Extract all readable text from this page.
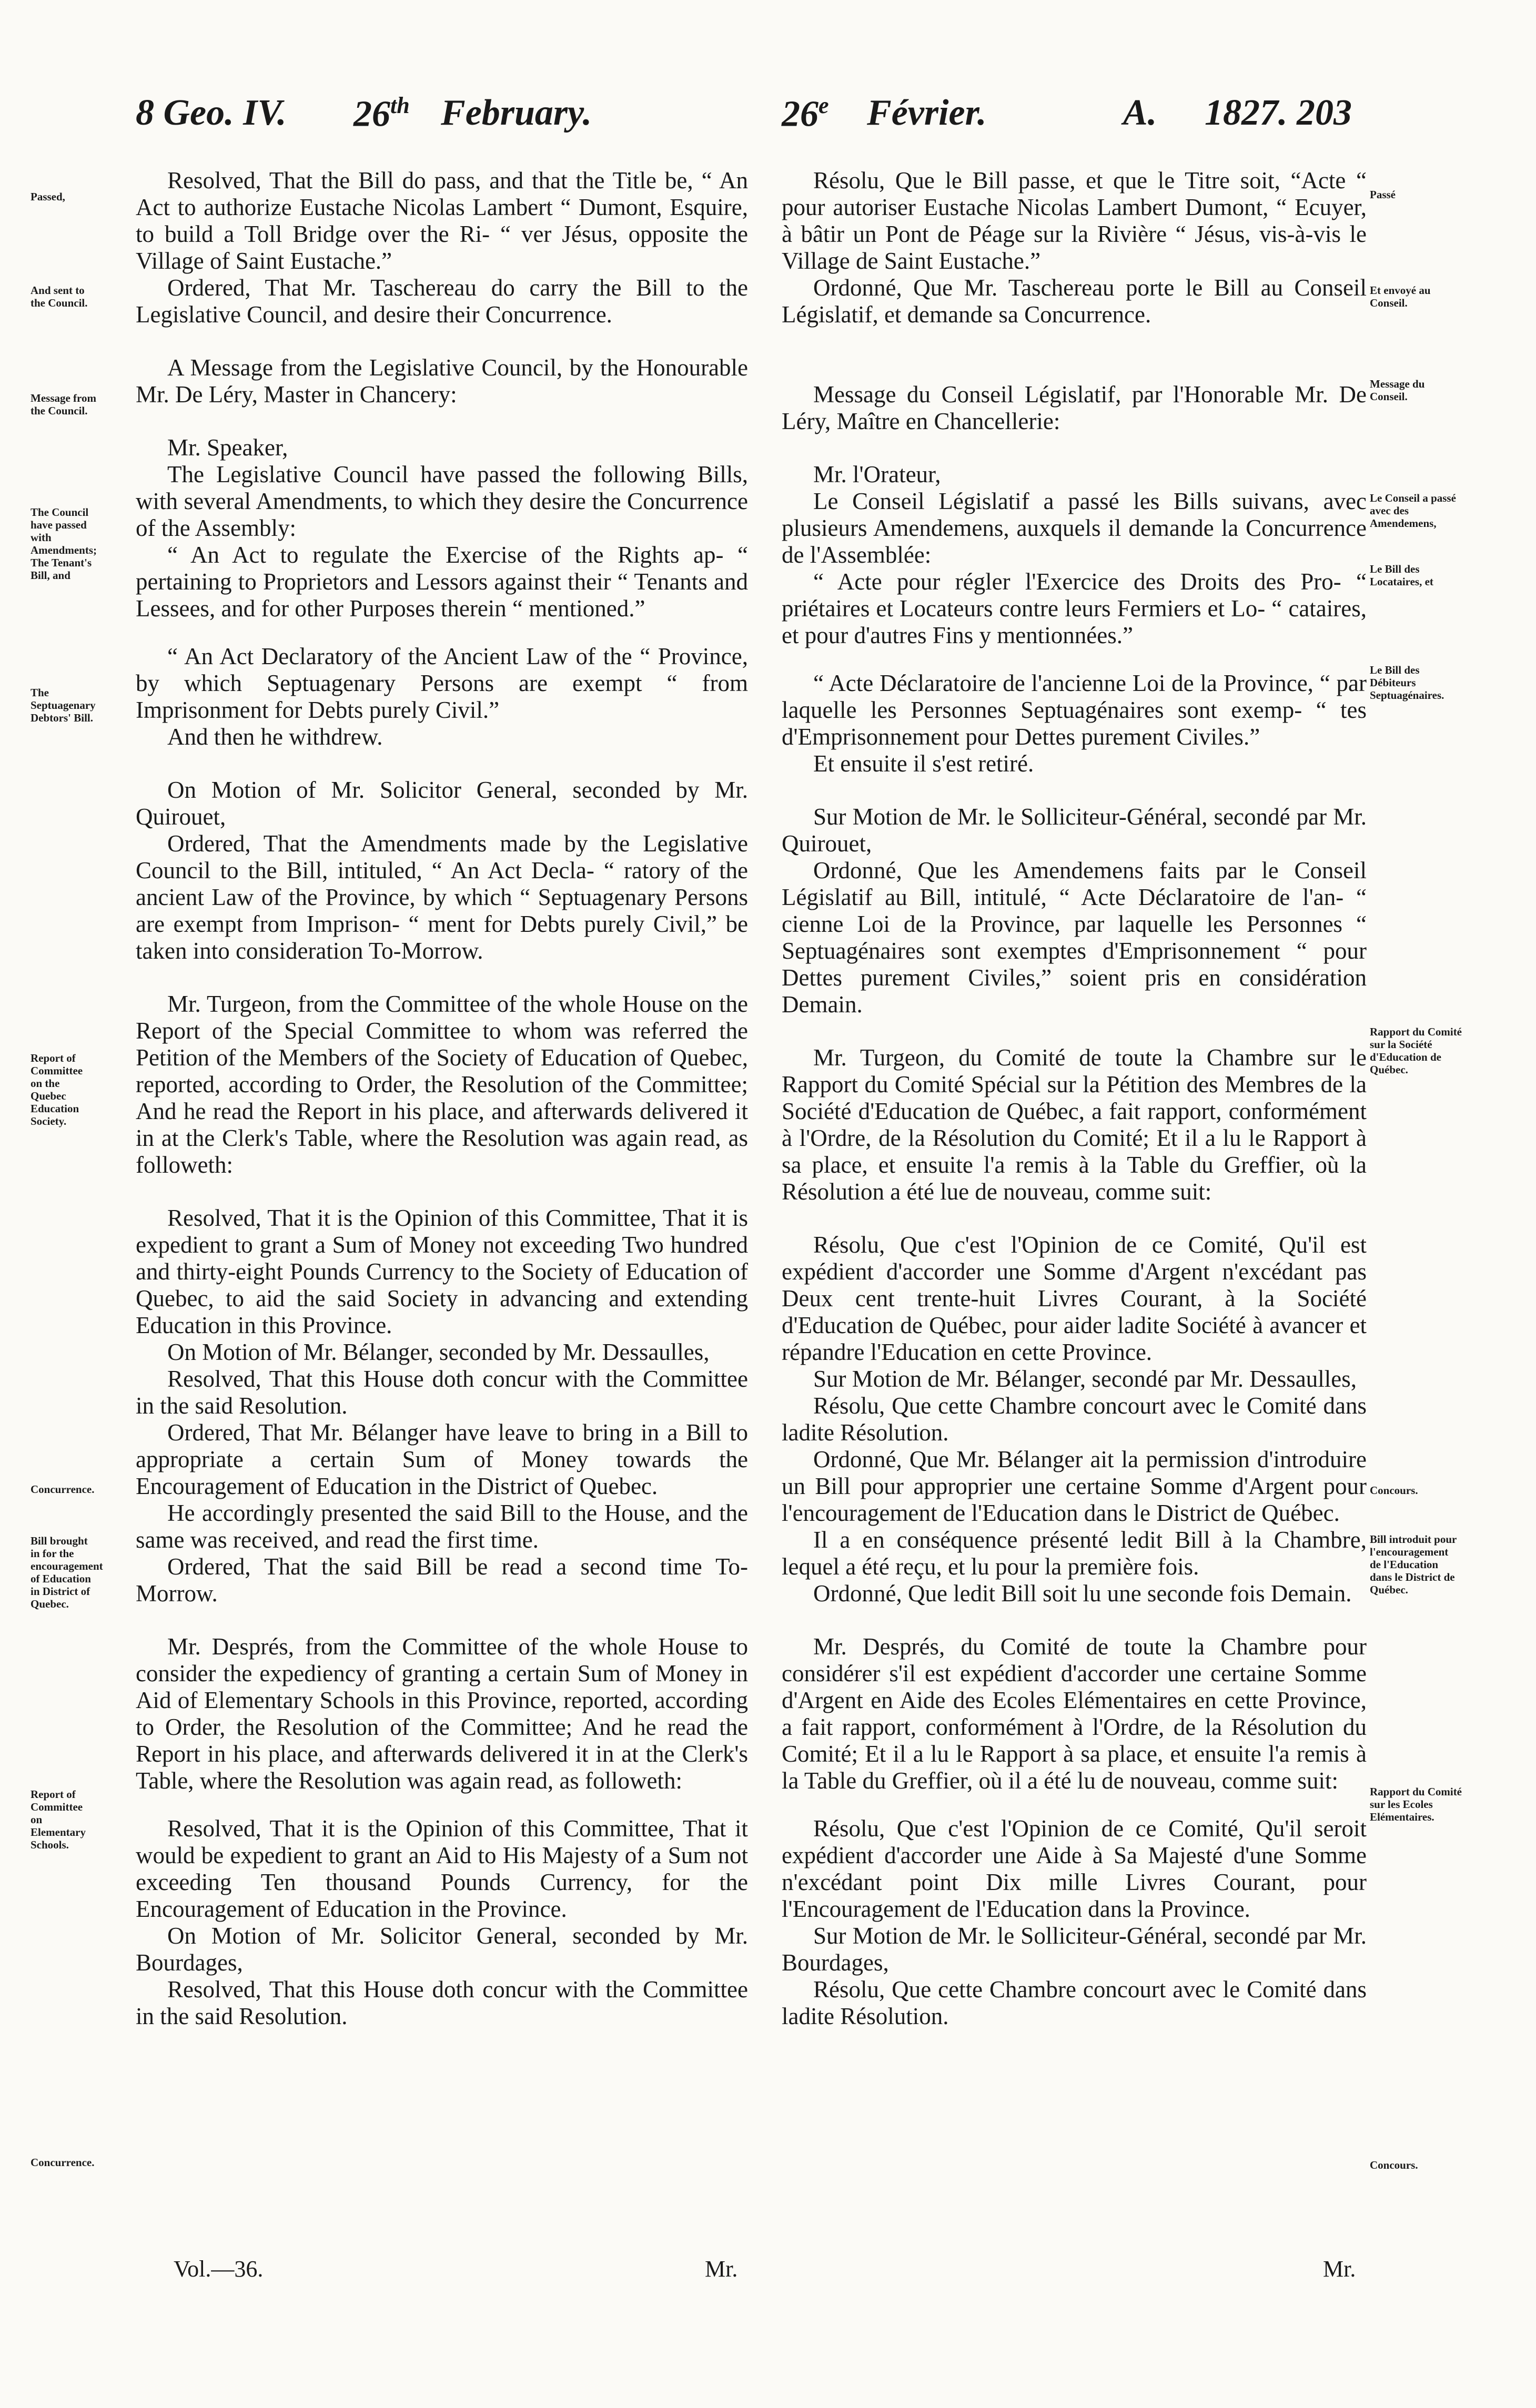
8 Geo. IV. 26th February.	26e Février.	A. 1827. 203

Resolved, That the Bill do pass, and that the Title be, “ An Act to authorize Eustache Nicolas Lambert “ Dumont, Esquire, to build a Toll Bridge over the Ri- “ ver Jésus, opposite the Village of Saint Eustache.”

Ordered, That Mr. Taschereau do carry the Bill to the Legislative Council, and desire their Concurrence.

A Message from the Legislative Council, by the Honourable Mr. De Léry, Master in Chancery:

Mr. Speaker,

The Legislative Council have passed the following Bills, with several Amendments, to which they desire the Concurrence of the Assembly:

“ An Act to regulate the Exercise of the Rights ap- “ pertaining to Proprietors and Lessors against their “ Tenants and Lessees, and for other Purposes therein “ mentioned.”

“ An Act Declaratory of the Ancient Law of the “ Province, by which Septuagenary Persons are exempt “ from Imprisonment for Debts purely Civil.”

And then he withdrew.

On Motion of Mr. Solicitor General, seconded by Mr. Quirouet,

Ordered, That the Amendments made by the Legislative Council to the Bill, intituled, “ An Act Decla- “ ratory of the ancient Law of the Province, by which “ Septuagenary Persons are exempt from Imprison- “ ment for Debts purely Civil,” be taken into consideration To-Morrow.

Mr. Turgeon, from the Committee of the whole House on the Report of the Special Committee to whom was referred the Petition of the Members of the Society of Education of Quebec, reported, according to Order, the Resolution of the Committee; And he read the Report in his place, and afterwards delivered it in at the Clerk's Table, where the Resolution was again read, as followeth:

Resolved, That it is the Opinion of this Committee, That it is expedient to grant a Sum of Money not exceeding Two hundred and thirty-eight Pounds Currency to the Society of Education of Quebec, to aid the said Society in advancing and extending Education in this Province.

On Motion of Mr. Bélanger, seconded by Mr. Dessaulles,

Resolved, That this House doth concur with the Committee in the said Resolution.

Ordered, That Mr. Bélanger have leave to bring in a Bill to appropriate a certain Sum of Money towards the Encouragement of Education in the District of Quebec.

He accordingly presented the said Bill to the House, and the same was received, and read the first time.

Ordered, That the said Bill be read a second time To-Morrow.

Mr. Després, from the Committee of the whole House to consider the expediency of granting a certain Sum of Money in Aid of Elementary Schools in this Province, reported, according to Order, the Resolution of the Committee; And he read the Report in his place, and afterwards delivered it in at the Clerk's Table, where the Resolution was again read, as followeth:

Resolved, That it is the Opinion of this Committee, That it would be expedient to grant an Aid to His Majesty of a Sum not exceeding Ten thousand Pounds Currency, for the Encouragement of Education in the Province.

On Motion of Mr. Solicitor General, seconded by Mr. Bourdages,

Resolved, That this House doth concur with the Committee in the said Resolution.

Résolu, Que le Bill passe, et que le Titre soit, “Acte “ pour autoriser Eustache Nicolas Lambert Dumont, “ Ecuyer, à bâtir un Pont de Péage sur la Rivière “ Jésus, vis-à-vis le Village de Saint Eustache.”

Ordonné, Que Mr. Taschereau porte le Bill au Conseil Législatif, et demande sa Concurrence.

Message du Conseil Législatif, par l'Honorable Mr. De Léry, Maître en Chancellerie:

Mr. l'Orateur,

Le Conseil Législatif a passé les Bills suivans, avec plusieurs Amendemens, auxquels il demande la Concurrence de l'Assemblée:

“ Acte pour régler l'Exercice des Droits des Pro- “ priétaires et Locateurs contre leurs Fermiers et Lo- “ cataires, et pour d'autres Fins y mentionnées.”

“ Acte Déclaratoire de l'ancienne Loi de la Province, “ par laquelle les Personnes Septuagénaires sont exemp- “ tes d'Emprisonnement pour Dettes purement Civiles.”

Et ensuite il s'est retiré.

Sur Motion de Mr. le Solliciteur-Général, secondé par Mr. Quirouet,

Ordonné, Que les Amendemens faits par le Conseil Législatif au Bill, intitulé, “ Acte Déclaratoire de l'an- “ cienne Loi de la Province, par laquelle les Personnes “ Septuagénaires sont exemptes d'Emprisonnement “ pour Dettes purement Civiles,” soient pris en considération Demain.

Mr. Turgeon, du Comité de toute la Chambre sur le Rapport du Comité Spécial sur la Pétition des Membres de la Société d'Education de Québec, a fait rapport, conformément à l'Ordre, de la Résolution du Comité; Et il a lu le Rapport à sa place, et ensuite l'a remis à la Table du Greffier, où la Résolution a été lue de nouveau, comme suit:

Résolu, Que c'est l'Opinion de ce Comité, Qu'il est expédient d'accorder une Somme d'Argent n'excédant pas Deux cent trente-huit Livres Courant, à la Société d'Education de Québec, pour aider ladite Société à avancer et répandre l'Education en cette Province.

Sur Motion de Mr. Bélanger, secondé par Mr. Dessaulles,

Résolu, Que cette Chambre concourt avec le Comité dans ladite Résolution.

Ordonné, Que Mr. Bélanger ait la permission d'introduire un Bill pour approprier une certaine Somme d'Argent pour l'encouragement de l'Education dans le District de Québec.

Il a en conséquence présenté ledit Bill à la Chambre, lequel a été reçu, et lu pour la première fois.

Ordonné, Que ledit Bill soit lu une seconde fois Demain.

Mr. Després, du Comité de toute la Chambre pour considérer s'il est expédient d'accorder une certaine Somme d'Argent en Aide des Ecoles Elémentaires en cette Province, a fait rapport, conformément à l'Ordre, de la Résolution du Comité; Et il a lu le Rapport à sa place, et ensuite l'a remis à la Table du Greffier, où il a été lu de nouveau, comme suit:

Résolu, Que c'est l'Opinion de ce Comité, Qu'il seroit expédient d'accorder une Aide à Sa Majesté d'une Somme n'excédant point Dix mille Livres Courant, pour l'Encouragement de l'Education dans la Province.

Sur Motion de Mr. le Solliciteur-Général, secondé par Mr. Bourdages,

Résolu, Que cette Chambre concourt avec le Comité dans ladite Résolution.

Passed,
And sent to the Council.
Message from the Council.
The Council have passed with Amendments; The Tenant's Bill, and
The Septuagenary Debtors' Bill.
Report of Committee on the Quebec Education Society.
Concurrence.
Bill brought in for the encouragement of Education in District of Quebec.
Report of Committee on Elementary Schools.
Concurrence.
Passé
Et envoyé au Conseil.
Message du Conseil.
Le Conseil a passé avec des Amendemens,
Le Bill des Locataires, et
Le Bill des Débiteurs Septuagénaires.
Rapport du Comité sur la Société d'Education de Québec.
Concours.
Bill introduit pour l'encouragement de l'Education dans le District de Québec.
Rapport du Comité sur les Ecoles Elémentaires.
Concours.
Vol.—36.	Mr.	Mr.
